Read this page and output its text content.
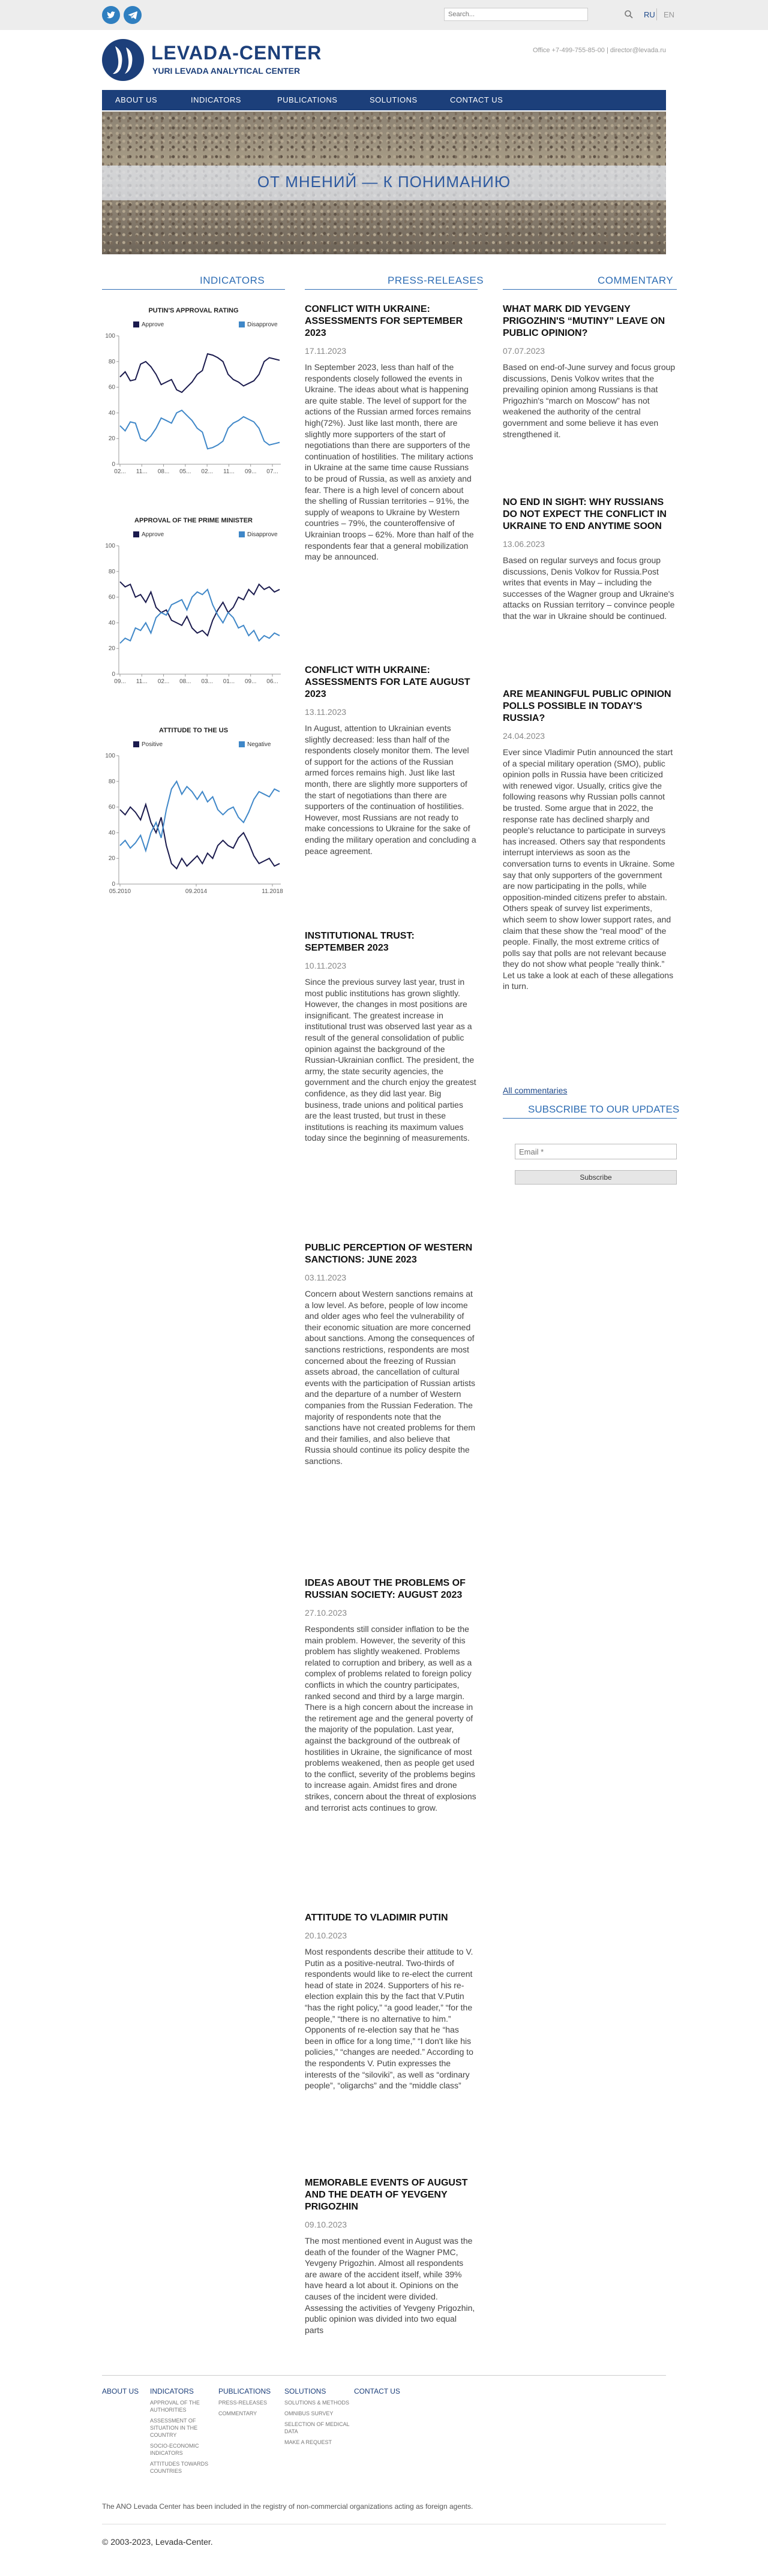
Search...
RU EN
LEVADA-CENTER
YURI LEVADA ANALYTICAL CENTER
Office +7-499-755-85-00 | director@levada.ru
ABOUT US	INDICATORS	PUBLICATIONS	SOLUTIONS	CONTACT US
ОТ МНЕНИЙ — К ПОНИМАНИЮ
INDICATORS	PRESS-RELEASES	COMMENTARY
PUTIN'S APPROVAL RATING
Approve	Disapprove
100
80
60
40
20
0
02... 11... 08... 05... 02... 11... 09... 07...
APPROVAL OF THE PRIME MINISTER
Approve	Disapprove
100
80
60
40
20
0
09... 11... 02... 08... 03... 01... 09... 06...
ATTITUDE TO THE US
Positive	Negative
100
80
60
40
20
0
05.2010	09.2014	11.2018
CONFLICT WITH UKRAINE: ASSESSMENTS FOR SEPTEMBER 2023
17.11.2023

In September 2023, less than half of the respondents closely followed the events in Ukraine. The ideas about what is happening are quite stable. The level of support for the actions of the Russian armed forces remains high(72%). Just like last month, there are slightly more supporters of the start of negotiations than there are supporters of the continuation of hostilities. The military actions in Ukraine at the same time cause Russians to be proud of Russia, as well as anxiety and fear. There is a high level of concern about the shelling of Russian territories – 91%, the supply of weapons to Ukraine by Western countries – 79%, the counteroffensive of Ukrainian troops – 62%. More than half of the respondents fear that a general mobilization may be announced.

CONFLICT WITH UKRAINE: ASSESSMENTS FOR LATE AUGUST 2023
13.11.2023

In August, attention to Ukrainian events slightly decreased: less than half of the respondents closely monitor them. The level of support for the actions of the Russian armed forces remains high. Just like last month, there are slightly more supporters of the start of negotiations than there are supporters of the continuation of hostilities. However, most Russians are not ready to make concessions to Ukraine for the sake of ending the military operation and concluding a peace agreement.

INSTITUTIONAL TRUST: SEPTEMBER 2023
10.11.2023

Since the previous survey last year, trust in most public institutions has grown slightly. However, the changes in most positions are insignificant. The greatest increase in institutional trust was observed last year as a result of the general consolidation of public opinion against the background of the Russian-Ukrainian conflict. The president, the army, the state security agencies, the government and the church enjoy the greatest confidence, as they did last year. Big business, trade unions and political parties are the least trusted, but trust in these institutions is reaching its maximum values today since the beginning of measurements.

PUBLIC PERCEPTION OF WESTERN SANCTIONS: JUNE 2023
03.11.2023

Concern about Western sanctions remains at a low level. As before, people of low income and older ages who feel the vulnerability of their economic situation are more concerned about sanctions. Among the consequences of sanctions restrictions, respondents are most concerned about the freezing of Russian assets abroad, the cancellation of cultural events with the participation of Russian artists and the departure of a number of Western companies from the Russian Federation. The majority of respondents note that the sanctions have not created problems for them and their families, and also believe that Russia should continue its policy despite the sanctions.

IDEAS ABOUT THE PROBLEMS OF RUSSIAN SOCIETY: AUGUST 2023
27.10.2023

Respondents still consider inflation to be the main problem. However, the severity of this problem has slightly weakened. Problems related to corruption and bribery, as well as a complex of problems related to foreign policy conflicts in which the country participates, ranked second and third by a large margin. There is a high concern about the increase in the retirement age and the general poverty of the majority of the population. Last year, against the background of the outbreak of hostilities in Ukraine, the significance of most problems weakened, then as people get used to the conflict, severity of the problems begins to increase again. Amidst fires and drone strikes, concern about the threat of explosions and terrorist acts continues to grow.

ATTITUDE TO VLADIMIR PUTIN
20.10.2023

Most respondents describe their attitude to V. Putin as a positive-neutral. Two-thirds of respondents would like to re-elect the current head of state in 2024. Supporters of his re-election explain this by the fact that V.Putin “has the right policy,” “a good leader,” “for the people,” “there is no alternative to him.” Opponents of re-election say that he “has been in office for a long time,” “I don't like his policies,” “changes are needed.” According to the respondents V. Putin expresses the interests of the “siloviki”, as well as “ordinary people”, “oligarchs” and the “middle class”

MEMORABLE EVENTS OF AUGUST AND THE DEATH OF YEVGENY PRIGOZHIN
09.10.2023

The most mentioned event in August was the death of the founder of the Wagner PMC, Yevgeny Prigozhin. Almost all respondents are aware of the accident itself, while 39% have heard a lot about it. Opinions on the causes of the incident were divided. Assessing the activities of Yevgeny Prigozhin, public opinion was divided into two equal parts

WHAT MARK DID YEVGENY PRIGOZHIN'S “MUTINY” LEAVE ON PUBLIC OPINION?
07.07.2023

Based on end-of-June survey and focus group discussions, Denis Volkov writes that the prevailing opinion among Russians is that Prigozhin's “march on Moscow” has not weakened the authority of the central government and some believe it has even strengthened it.

NO END IN SIGHT: WHY RUSSIANS DO NOT EXPECT THE CONFLICT IN UKRAINE TO END ANYTIME SOON
13.06.2023

Based on regular surveys and focus group discussions, Denis Volkov for Russia.Post writes that events in May – including the successes of the Wagner group and Ukraine's attacks on Russian territory – convince people that the war in Ukraine should be continued.

ARE MEANINGFUL PUBLIC OPINION POLLS POSSIBLE IN TODAY'S RUSSIA?
24.04.2023

Ever since Vladimir Putin announced the start of a special military operation (SMO), public opinion polls in Russia have been criticized with renewed vigor. Usually, critics give the following reasons why Russian polls cannot be trusted. Some argue that in 2022, the response rate has declined sharply and people's reluctance to participate in surveys has increased. Others say that respondents interrupt interviews as soon as the conversation turns to events in Ukraine. Some say that only supporters of the government are now participating in the polls, while opposition-minded citizens prefer to abstain. Others speak of survey list experiments, which seem to show lower support rates, and claim that these show the “real mood” of the people. Finally, the most extreme critics of polls say that polls are not relevant because they do not show what people “really think.” Let us take a look at each of these allegations in turn.

All commentaries
SUBSCRIBE TO OUR UPDATES
Email *
Subscribe
ABOUT US	INDICATORS
APPROVAL OF THE AUTHORITIES
ASSESSMENT OF SITUATION IN THE COUNTRY
SOCIO-ECONOMIC INDICATORS
ATTITUDES TOWARDS COUNTRIES
PUBLICATIONS
PRESS-RELEASES
COMMENTARY
SOLUTIONS
SOLUTIONS & METHODS
OMNIBUS SURVEY
SELECTION OF MEDICAL DATA
MAKE A REQUEST
CONTACT US
The ANO Levada Center has been included in the registry of non-commercial organizations acting as foreign agents.
© 2003-2023, Levada-Center.
